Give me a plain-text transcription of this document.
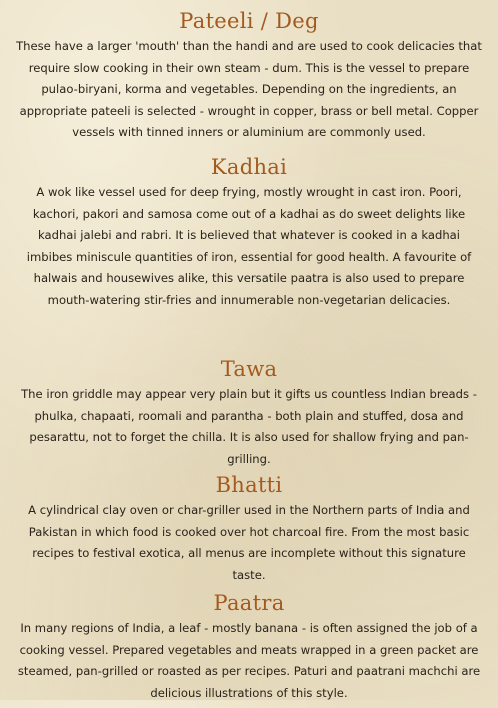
Pateeli / Deg

These have a larger 'mouth' than the handi and are used to cook delicacies that require slow cooking in their own steam - dum. This is the vessel to prepare pulao-biryani, korma and vegetables. Depending on the ingredients, an appropriate pateeli is selected - wrought in copper, brass or bell metal. Copper vessels with tinned inners or aluminium are commonly used.

Kadhai

A wok like vessel used for deep frying, mostly wrought in cast iron. Poori, kachori, pakori and samosa come out of a kadhai as do sweet delights like kadhai jalebi and rabri. It is believed that whatever is cooked in a kadhai imbibes miniscule quantities of iron, essential for good health. A favourite of halwais and housewives alike, this versatile paatra is also used to prepare mouth-watering stir-fries and innumerable non-vegetarian delicacies.

Tawa

The iron griddle may appear very plain but it gifts us countless Indian breads - phulka, chapaati, roomali and parantha - both plain and stuffed, dosa and pesarattu, not to forget the chilla. It is also used for shallow frying and pan-grilling.

Bhatti

A cylindrical clay oven or char-griller used in the Northern parts of India and Pakistan in which food is cooked over hot charcoal fire. From the most basic recipes to festival exotica, all menus are incomplete without this signature taste.

Paatra

In many regions of India, a leaf - mostly banana - is often assigned the job of a cooking vessel. Prepared vegetables and meats wrapped in a green packet are steamed, pan-grilled or roasted as per recipes. Paturi and paatrani machchi are delicious illustrations of this style.
